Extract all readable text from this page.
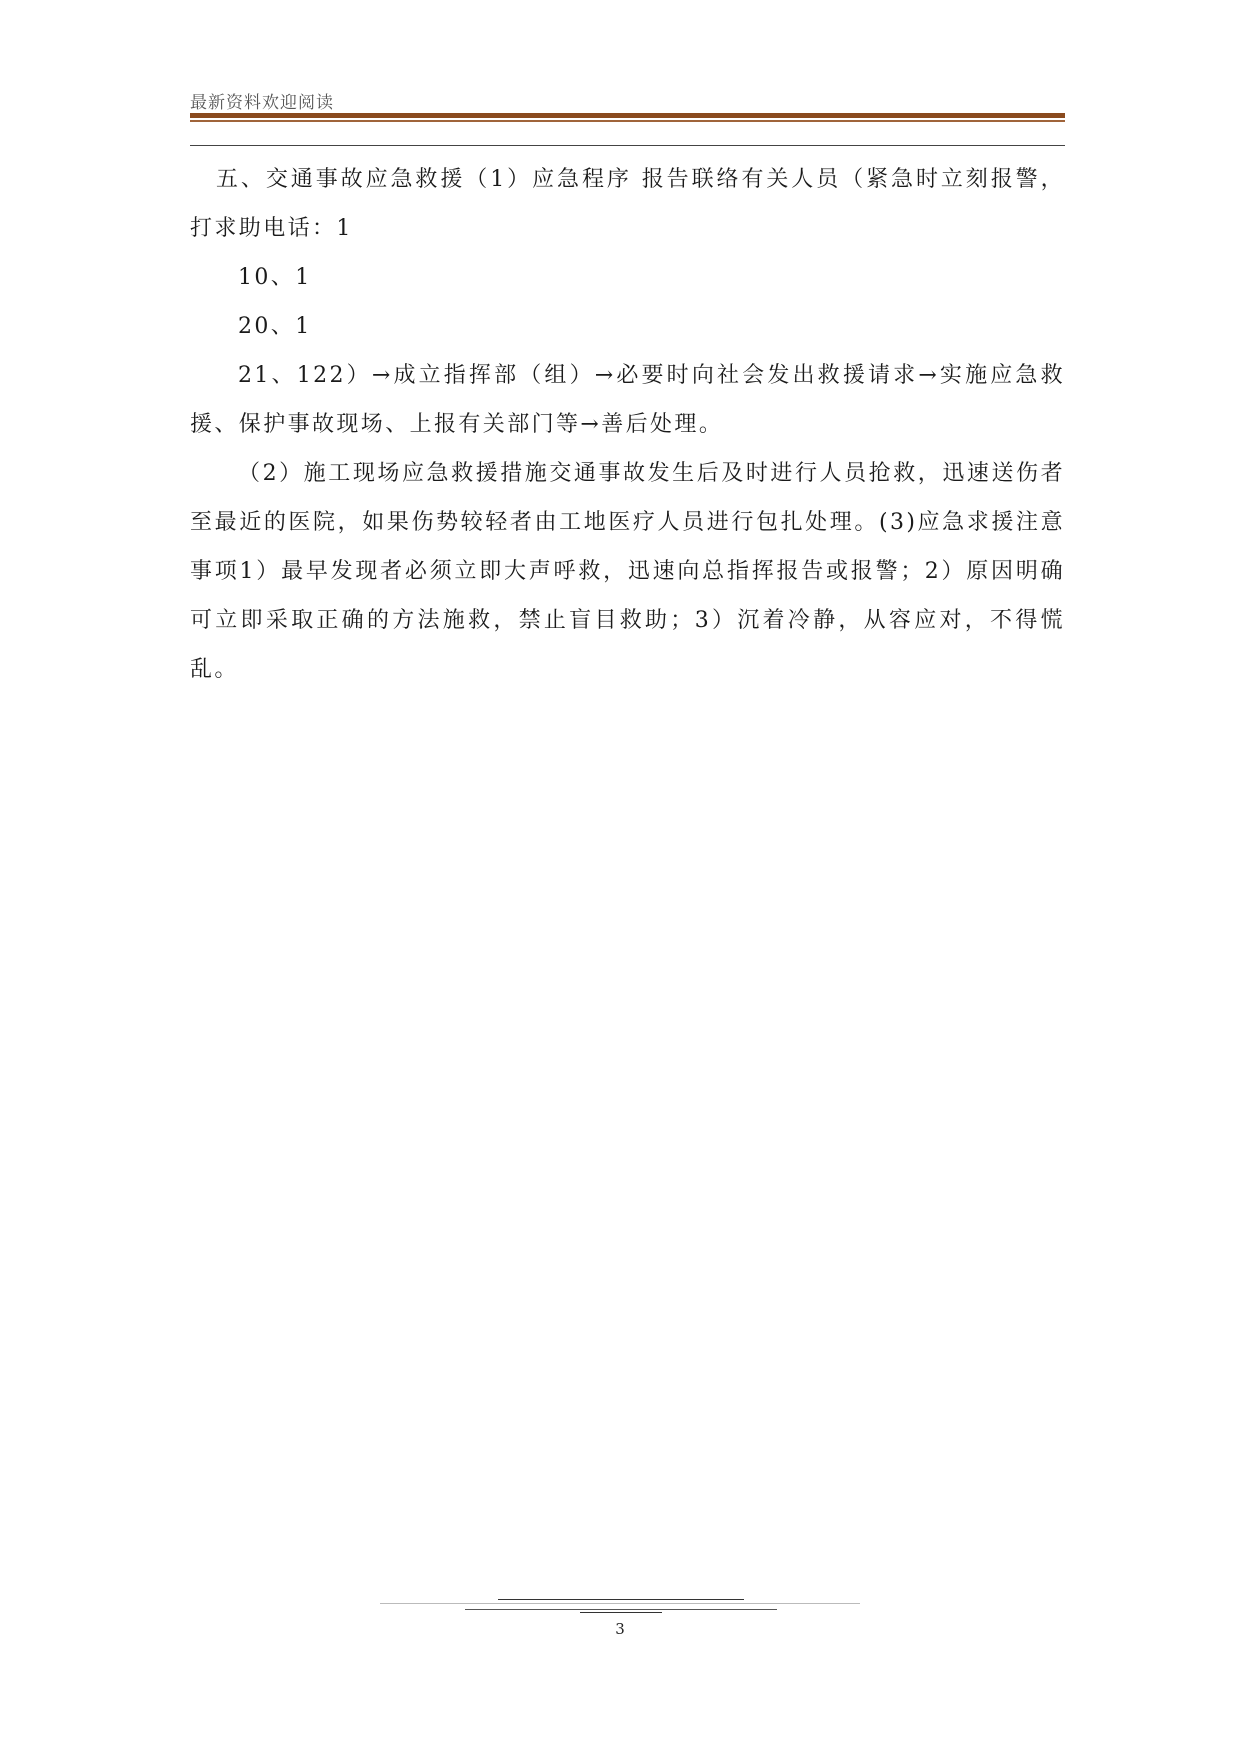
最新资料欢迎阅读

五、交通事故应急救援（1）应急程序 报告联络有关人员（紧急时立刻报警，打求助电话：1

10、1

20、1

21、122）→成立指挥部（组）→必要时向社会发出救援请求→实施应急救援、保护事故现场、上报有关部门等→善后处理。

（2）施工现场应急救援措施交通事故发生后及时进行人员抢救，迅速送伤者至最近的医院，如果伤势较轻者由工地医疗人员进行包扎处理。(3)应急求援注意事项1）最早发现者必须立即大声呼救，迅速向总指挥报告或报警；2）原因明确可立即采取正确的方法施救，禁止盲目救助；3）沉着冷静，从容应对，不得慌乱。

3
